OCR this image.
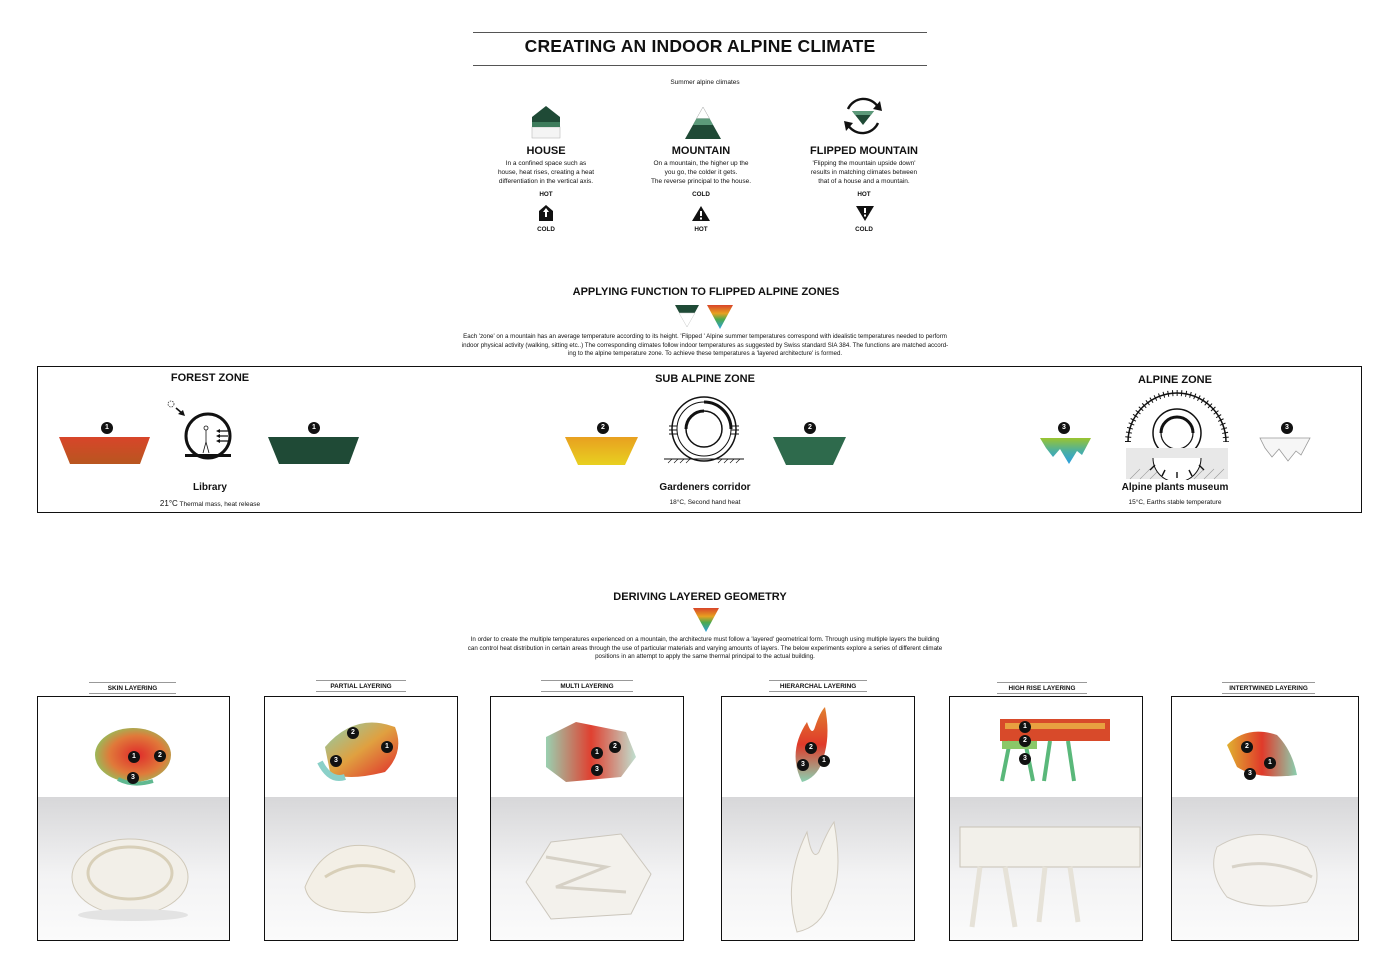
CREATING AN INDOOR ALPINE CLIMATE
Summer alpine climates
HOUSE
In a confined space such as
house, heat rises, creating a heat
differentiation in the vertical axis.
MOUNTAIN
On a mountain, the higher up the
you go, the colder it gets.
The reverse principal to the house.
FLIPPED MOUNTAIN
'Flipping the mountain upside down'
results in matching climates between
that of a house and a mountain.
HOT
COLD
COLD
HOT
HOT
COLD
APPLYING FUNCTION TO FLIPPED ALPINE ZONES
Each 'zone' on a mountain has an average temperature according to its height. 'Flipped ' Alpine summer temperatures correspond with idealistic temperatures needed to perform
indoor physical activity (walking, sitting etc..) The corresponding climates follow indoor temperatures as suggested by Swiss standard SIA 384. The functions are matched accord-
ing to the alpine temperature zone. To achieve these temperatures a 'layered architecture' is formed.
FOREST ZONE	SUB ALPINE ZONE	ALPINE ZONE
1	1
Library
21°C Thermal mass, heat release
2	2
Gardeners corridor
18°C, Second hand heat
3	3
Alpine plants museum
15°C, Earths stable temperature
DERIVING LAYERED GEOMETRY
In order to create the multiple temperatures experienced on a mountain, the architecture must follow a 'layered' geometrical form. Through using multiple layers the building
can control heat distribution in certain areas through the use of particular materials and varying amounts of layers. The below experiments explore a series of different climate
positions in an attempt to apply the same thermal principal to the actual building.
SKIN LAYERING	PARTIAL LAYERING	MULTI LAYERING	HIERARCHAL LAYERING	HIGH RISE LAYERING	INTERTWINED LAYERING
1	2
3
2
1
3
1
2
3
2
1
3
1
2
3
2
1
3
